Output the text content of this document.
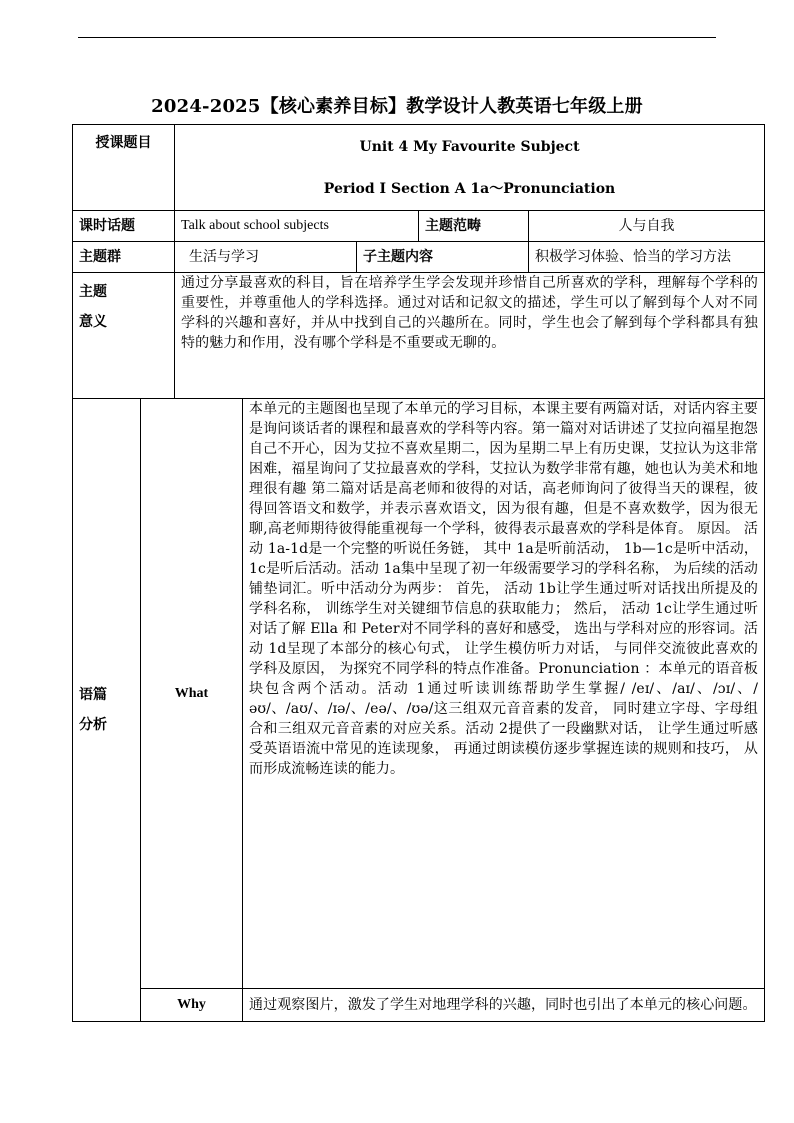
2024-2025【核心素养目标】教学设计人教英语七年级上册
授课题目		Unit 4 My Favourite Subject
Period I Section A 1a～Pronunciation				

课时话题		Talk about school subjects			主题范畴	人与自我
主题群		生活与学习		子主题内容		积极学习体验、恰当的学习方法

主题
意义		通过分享最喜欢的科目，旨在培养学生学会发现并珍惜自己所喜欢的学科，理解每个学科的重要性，并尊重他人的学科选择。通过对话和记叙文的描述，学生可以了解到每个人对不同学科的兴趣和喜好，并从中找到自己的兴趣所在。同时，学生也会了解到每个学科都具有独特的魅力和作用，没有哪个学科是不重要或无聊的。				

语篇
分析	What		本单元的主题图也呈现了本单元的学习目标，本课主要有两篇对话，对话内容主要是询问谈话者的课程和最喜欢的学科等内容。第一篇对对话讲述了艾拉向福星抱怨自己不开心，因为艾拉不喜欢星期二，因为星期二早上有历史课，艾拉认为这非常困难，福星询问了艾拉最喜欢的学科，艾拉认为数学非常有趣，她也认为美术和地理很有趣 第二篇对话是高老师和彼得的对话，高老师询问了彼得当天的课程，彼得回答语文和数学，并表示喜欢语文，因为很有趣，但是不喜欢数学，因为很无聊,高老师期待彼得能重视每一个学科，彼得表示最喜欢的学科是体育。 原因。 活动 1a-1d是一个完整的听说任务链， 其中 1a是听前活动， 1b—1c是听中活动， 1c是听后活动。活动 1a集中呈现了初一年级需要学习的学科名称， 为后续的活动铺垫词汇。听中活动分为两步： 首先， 活动 1b让学生通过听对话找出所提及的学科名称， 训练学生对关键细节信息的获取能力； 然后， 活动 1c让学生通过听对话了解 Ella 和 Peter对不同学科的喜好和感受， 选出与学科对应的形容词。活动 1d呈现了本部分的核心句式， 让学生模仿听力对话， 与同伴交流彼此喜欢的学科及原因， 为探究不同学科的特点作准备。Pronunciation ：本单元的语音板块包含两个活动。活动 1通过听读训练帮助学生掌握/ /eɪ/、/aɪ/、/ɔɪ/、/əʊ/、/aʊ/、/ɪə/、/eə/、/ʊə/这三组双元音音素的发音， 同时建立字母、字母组合和三组双元音音素的对应关系。活动 2提供了一段幽默对话， 让学生通过听感受英语语流中常见的连读现象， 再通过朗读模仿逐步掌握连读的规则和技巧， 从而形成流畅连读的能力。			
	Why		通过观察图片，激发了学生对地理学科的兴趣，同时也引出了本单元的核心问题。			
